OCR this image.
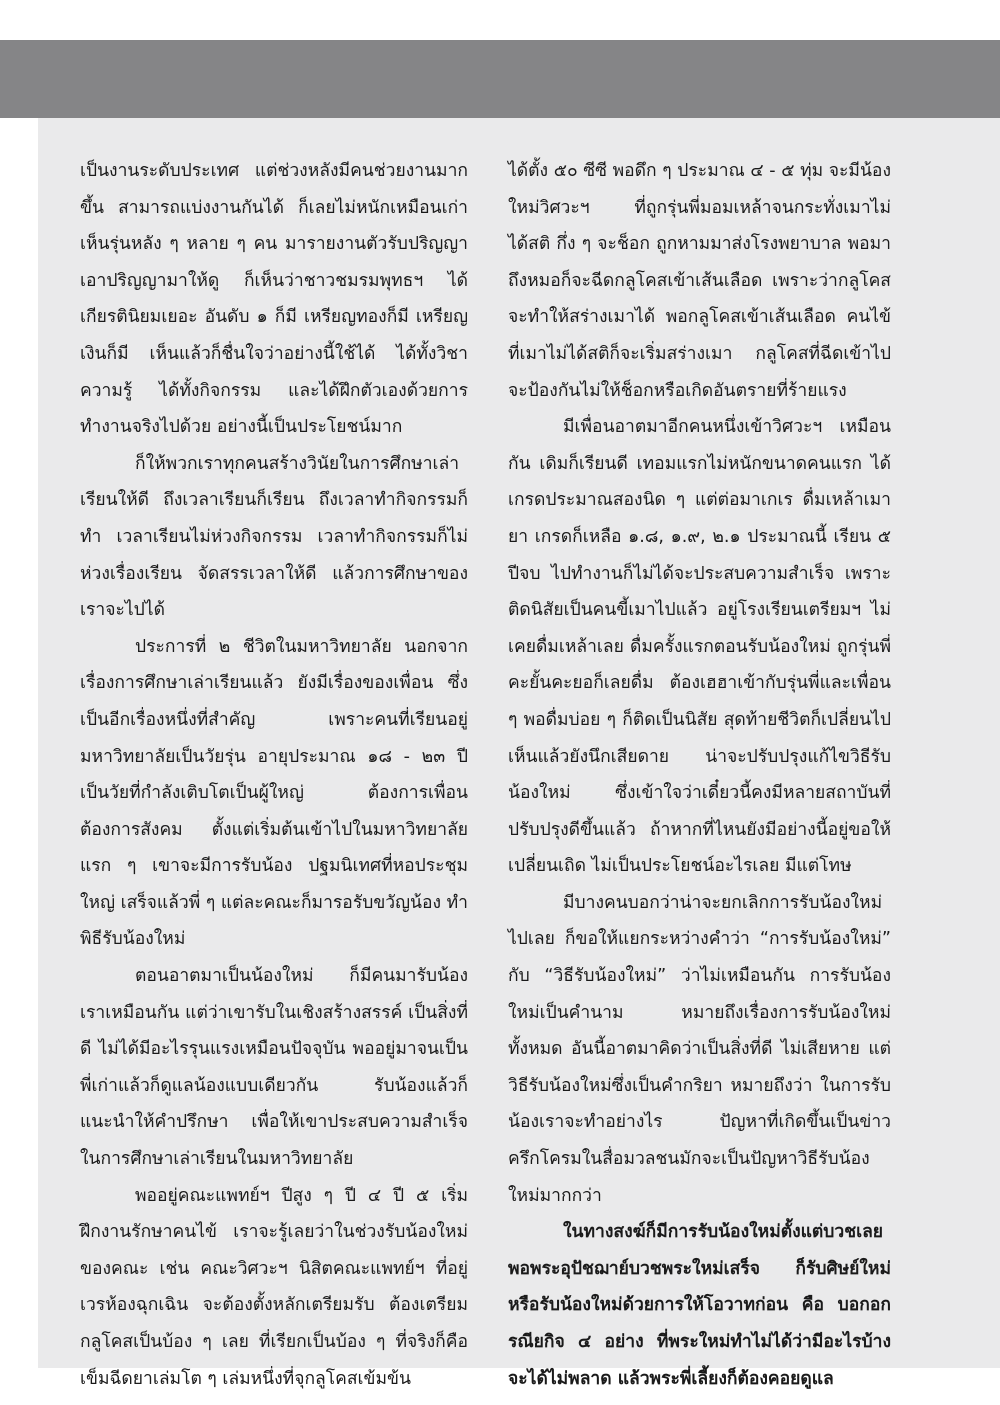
เป็นงานระดับประเทศ แต่ช่วงหลังมีคนช่วยงานมากขึ้น สามารถแบ่งงานกันได้ ก็เลยไม่หนักเหมือนเก่า เห็นรุ่นหลัง ๆ หลาย ๆ คน มารายงานตัวรับปริญญา เอาปริญญามาให้ดู ก็เห็นว่าชาวชมรมพุทธฯ ได้เกียรตินิยมเยอะ อันดับ ๑ ก็มี เหรียญทองก็มี เหรียญเงินก็มี เห็นแล้วก็ชื่นใจว่าอย่างนี้ใช้ได้ ได้ทั้งวิชาความรู้ ได้ทั้งกิจกรรม และได้ฝึกตัวเองด้วยการทำงานจริงไปด้วย อย่างนี้เป็นประโยชน์มาก

ก็ให้พวกเราทุกคนสร้างวินัยในการศึกษาเล่าเรียนให้ดี ถึงเวลาเรียนก็เรียน ถึงเวลาทำกิจกรรมก็ทำ เวลาเรียนไม่ห่วงกิจกรรม เวลาทำกิจกรรมก็ไม่ห่วงเรื่องเรียน จัดสรรเวลาให้ดี แล้วการศึกษาของเราจะไปได้

ประการที่ ๒ ชีวิตในมหาวิทยาลัย นอกจากเรื่องการศึกษาเล่าเรียนแล้ว ยังมีเรื่องของเพื่อน ซึ่งเป็นอีกเรื่องหนึ่งที่สำคัญ เพราะคนที่เรียนอยู่มหาวิทยาลัยเป็นวัยรุ่น อายุประมาณ ๑๘ - ๒๓ ปี เป็นวัยที่กำลังเติบโตเป็นผู้ใหญ่ ต้องการเพื่อน ต้องการสังคม ตั้งแต่เริ่มต้นเข้าไปในมหาวิทยาลัยแรก ๆ เขาจะมีการรับน้อง ปฐมนิเทศที่หอประชุมใหญ่ เสร็จแล้วพี่ ๆ แต่ละคณะก็มารอรับขวัญน้อง ทำพิธีรับน้องใหม่

ตอนอาตมาเป็นน้องใหม่ ก็มีคนมารับน้อง เราเหมือนกัน แต่ว่าเขารับในเชิงสร้างสรรค์ เป็นสิ่งที่ดี ไม่ได้มีอะไรรุนแรงเหมือนปัจจุบัน พออยู่มาจนเป็นพี่เก่าแล้วก็ดูแลน้องแบบเดียวกัน รับน้องแล้วก็แนะนำให้คำปรึกษา เพื่อให้เขาประสบความสำเร็จในการศึกษาเล่าเรียนในมหาวิทยาลัย

พออยู่คณะแพทย์ฯ ปีสูง ๆ ปี ๔ ปี ๕ เริ่มฝึกงานรักษาคนไข้ เราจะรู้เลยว่าในช่วงรับน้องใหม่ของคณะ เช่น คณะวิศวะฯ นิสิตคณะแพทย์ฯ ที่อยู่เวรห้องฉุกเฉิน จะต้องตั้งหลักเตรียมรับ ต้องเตรียมกลูโคสเป็นบ้อง ๆ เลย ที่เรียกเป็นบ้อง ๆ ที่จริงก็คือ เข็มฉีดยาเล่มโต ๆ เล่มหนึ่งที่จุกลูโคสเข้มข้น

ได้ตั้ง ๕๐ ซีซี พอดึก ๆ ประมาณ ๔ - ๕ ทุ่ม จะมีน้องใหม่วิศวะฯ ที่ถูกรุ่นพี่มอมเหล้าจนกระทั่งเมาไม่ได้สติ กึ่ง ๆ จะช็อก ถูกหามมาส่งโรงพยาบาล พอมาถึงหมอก็จะฉีดกลูโคสเข้าเส้นเลือด เพราะว่ากลูโคสจะทำให้สร่างเมาได้ พอกลูโคสเข้าเส้นเลือด คนไข้ที่เมาไม่ได้สติก็จะเริ่มสร่างเมา กลูโคสที่ฉีดเข้าไปจะป้องกันไม่ให้ช็อกหรือเกิดอันตรายที่ร้ายแรง

มีเพื่อนอาตมาอีกคนหนึ่งเข้าวิศวะฯ เหมือนกัน เดิมก็เรียนดี เทอมแรกไม่หนักขนาดคนแรก ได้เกรดประมาณสองนิด ๆ แต่ต่อมาเกเร ดื่มเหล้าเมายา เกรดก็เหลือ ๑.๘, ๑.๙, ๒.๑ ประมาณนี้ เรียน ๕ ปีจบ ไปทำงานก็ไม่ได้จะประสบความสำเร็จ เพราะติดนิสัยเป็นคนขี้เมาไปแล้ว อยู่โรงเรียนเตรียมฯ ไม่เคยดื่มเหล้าเลย ดื่มครั้งแรกตอนรับน้องใหม่ ถูกรุ่นพี่คะยั้นคะยอก็เลยดื่ม ต้องเฮฮาเข้ากับรุ่นพี่และเพื่อน ๆ พอดื่มบ่อย ๆ ก็ติดเป็นนิสัย สุดท้ายชีวิตก็เปลี่ยนไป เห็นแล้วยังนึกเสียดาย น่าจะปรับปรุงแก้ไขวิธีรับน้องใหม่ ซึ่งเข้าใจว่าเดี๋ยวนี้คงมีหลายสถาบันที่ปรับปรุงดีขึ้นแล้ว ถ้าหากที่ไหนยังมีอย่างนี้อยู่ขอให้เปลี่ยนเถิด ไม่เป็นประโยชน์อะไรเลย มีแต่โทษ

มีบางคนบอกว่าน่าจะยกเลิกการรับน้องใหม่ไปเลย ก็ขอให้แยกระหว่างคำว่า “การรับน้องใหม่” กับ “วิธีรับน้องใหม่” ว่าไม่เหมือนกัน การรับน้องใหม่เป็นคำนาม หมายถึงเรื่องการรับน้องใหม่ทั้งหมด อันนี้อาตมาคิดว่าเป็นสิ่งที่ดี ไม่เสียหาย แต่วิธีรับน้องใหม่ซึ่งเป็นคำกริยา หมายถึงว่า ในการรับน้องเราจะทำอย่างไร ปัญหาที่เกิดขึ้นเป็นข่าวครึกโครมในสื่อมวลชนมักจะเป็นปัญหาวิธีรับน้องใหม่มากกว่า

ในทางสงฆ์ก็มีการรับน้องใหม่ตั้งแต่บวชเลย พอพระอุปัชฌาย์บวชพระใหม่เสร็จ ก็รับศิษย์ใหม่หรือรับน้องใหม่ด้วยการให้โอวาทก่อน คือ บอกอกรณียกิจ ๔ อย่าง ที่พระใหม่ทำไม่ได้ว่ามีอะไรบ้าง จะได้ไม่พลาด แล้วพระพี่เลี้ยงก็ต้องคอยดูแล
